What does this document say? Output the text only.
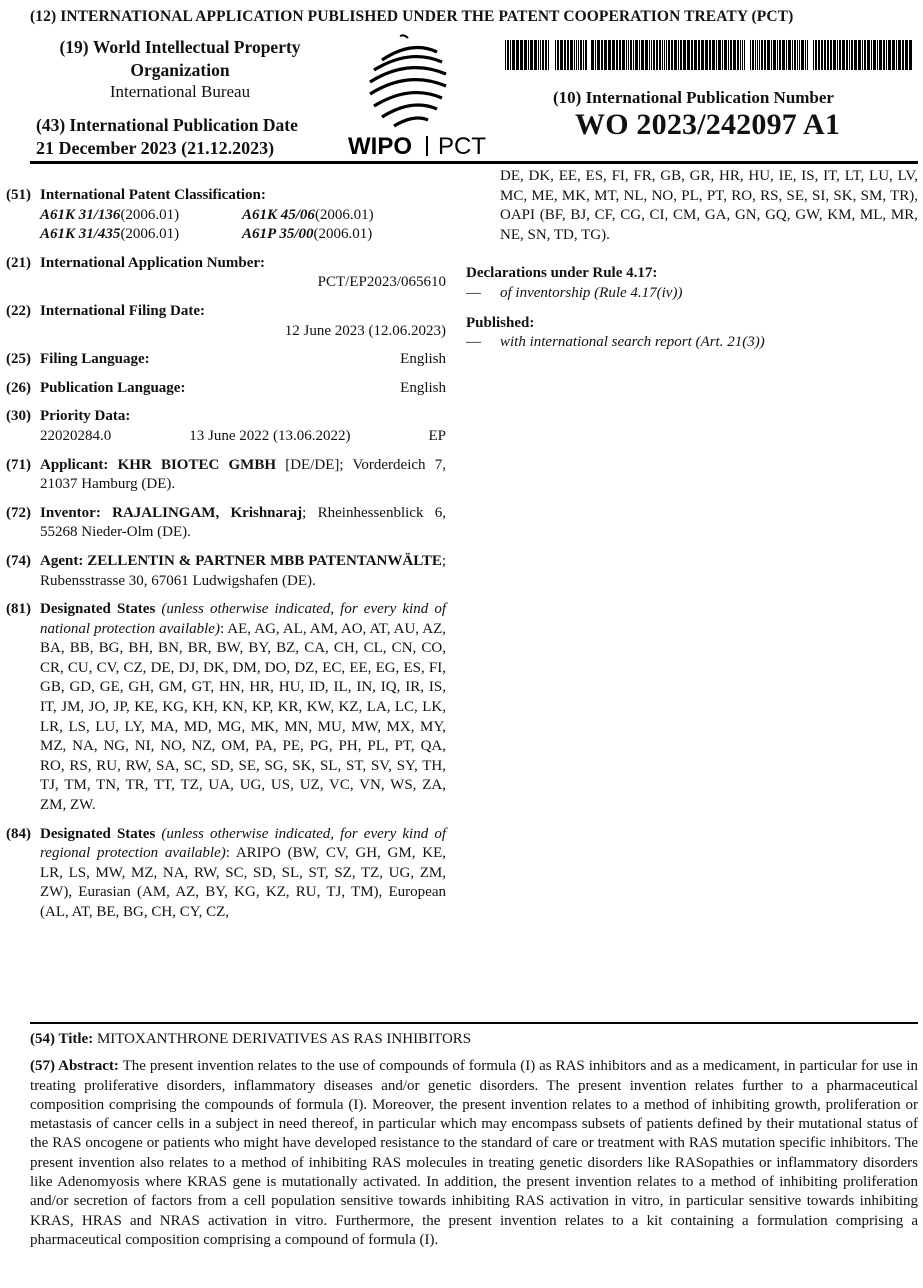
(12) INTERNATIONAL APPLICATION PUBLISHED UNDER THE PATENT COOPERATION TREATY (PCT)
(19) World Intellectual Property
Organization
International Bureau
(43) International Publication Date
21 December 2023 (21.12.2023)	WIPO PCT
(10) International Publication Number
WO 2023/242097 A1
(51) International Patent Classification:
A61K 31/136(2006.01)	A61K 45/06(2006.01)
A61K 31/435(2006.01)	A61P 35/00(2006.01)
(21) International Application Number:
PCT/EP2023/065610
(22) International Filing Date:
12 June 2023 (12.06.2023)
(25) Filing Language:	English
(26) Publication Language:	English
(30) Priority Data:
22020284.0	13 June 2022 (13.06.2022)	EP
(71) Applicant: KHR BIOTEC GMBH [DE/DE]; Vorderdeich 7, 21037 Hamburg (DE).
(72) Inventor: RAJALINGAM, Krishnaraj; Rheinhessenblick 6, 55268 Nieder-Olm (DE).
(74) Agent: ZELLENTIN & PARTNER MBB PATENTANWÄLTE; Rubensstrasse 30, 67061 Ludwigshafen (DE).
(81) Designated States (unless otherwise indicated, for every kind of national protection available): AE, AG, AL, AM, AO, AT, AU, AZ, BA, BB, BG, BH, BN, BR, BW, BY, BZ, CA, CH, CL, CN, CO, CR, CU, CV, CZ, DE, DJ, DK, DM, DO, DZ, EC, EE, EG, ES, FI, GB, GD, GE, GH, GM, GT, HN, HR, HU, ID, IL, IN, IQ, IR, IS, IT, JM, JO, JP, KE, KG, KH, KN, KP, KR, KW, KZ, LA, LC, LK, LR, LS, LU, LY, MA, MD, MG, MK, MN, MU, MW, MX, MY, MZ, NA, NG, NI, NO, NZ, OM, PA, PE, PG, PH, PL, PT, QA, RO, RS, RU, RW, SA, SC, SD, SE, SG, SK, SL, ST, SV, SY, TH, TJ, TM, TN, TR, TT, TZ, UA, UG, US, UZ, VC, VN, WS, ZA, ZM, ZW.
(84) Designated States (unless otherwise indicated, for every kind of regional protection available): ARIPO (BW, CV, GH, GM, KE, LR, LS, MW, MZ, NA, RW, SC, SD, SL, ST, SZ, TZ, UG, ZM, ZW), Eurasian (AM, AZ, BY, KG, KZ, RU, TJ, TM), European (AL, AT, BE, BG, CH, CY, CZ,
DE, DK, EE, ES, FI, FR, GB, GR, HR, HU, IE, IS, IT, LT, LU, LV, MC, ME, MK, MT, NL, NO, PL, PT, RO, RS, SE, SI, SK, SM, TR), OAPI (BF, BJ, CF, CG, CI, CM, GA, GN, GQ, GW, KM, ML, MR, NE, SN, TD, TG).
Declarations under Rule 4.17:
— of inventorship (Rule 4.17(iv))
Published:
— with international search report (Art. 21(3))
(54) Title: MITOXANTHRONE DERIVATIVES AS RAS INHIBITORS
(57) Abstract: The present invention relates to the use of compounds of formula (I) as RAS inhibitors and as a medicament, in particular for use in treating proliferative disorders, inflammatory diseases and/or genetic disorders. The present invention relates further to a pharmaceutical composition comprising the compounds of formula (I). Moreover, the present invention relates to a method of inhibiting growth, proliferation or metastasis of cancer cells in a subject in need thereof, in particular which may encompass subsets of patients defined by their mutational status of the RAS oncogene or patients who might have developed resistance to the standard of care or treatment with RAS mutation specific inhibitors. The present invention also relates to a method of inhibiting RAS molecules in treating genetic disorders like RASopathies or inflammatory disorders like Adenomyosis where KRAS gene is mutationally activated. In addition, the present invention relates to a method of inhibiting proliferation and/or secretion of factors from a cell population sensitive towards inhibiting RAS activation in vitro, in particular sensitive towards inhibiting KRAS, HRAS and NRAS activation in vitro. Furthermore, the present invention relates to a kit containing a formulation comprising a pharmaceutical composition comprising a compound of formula (I).
